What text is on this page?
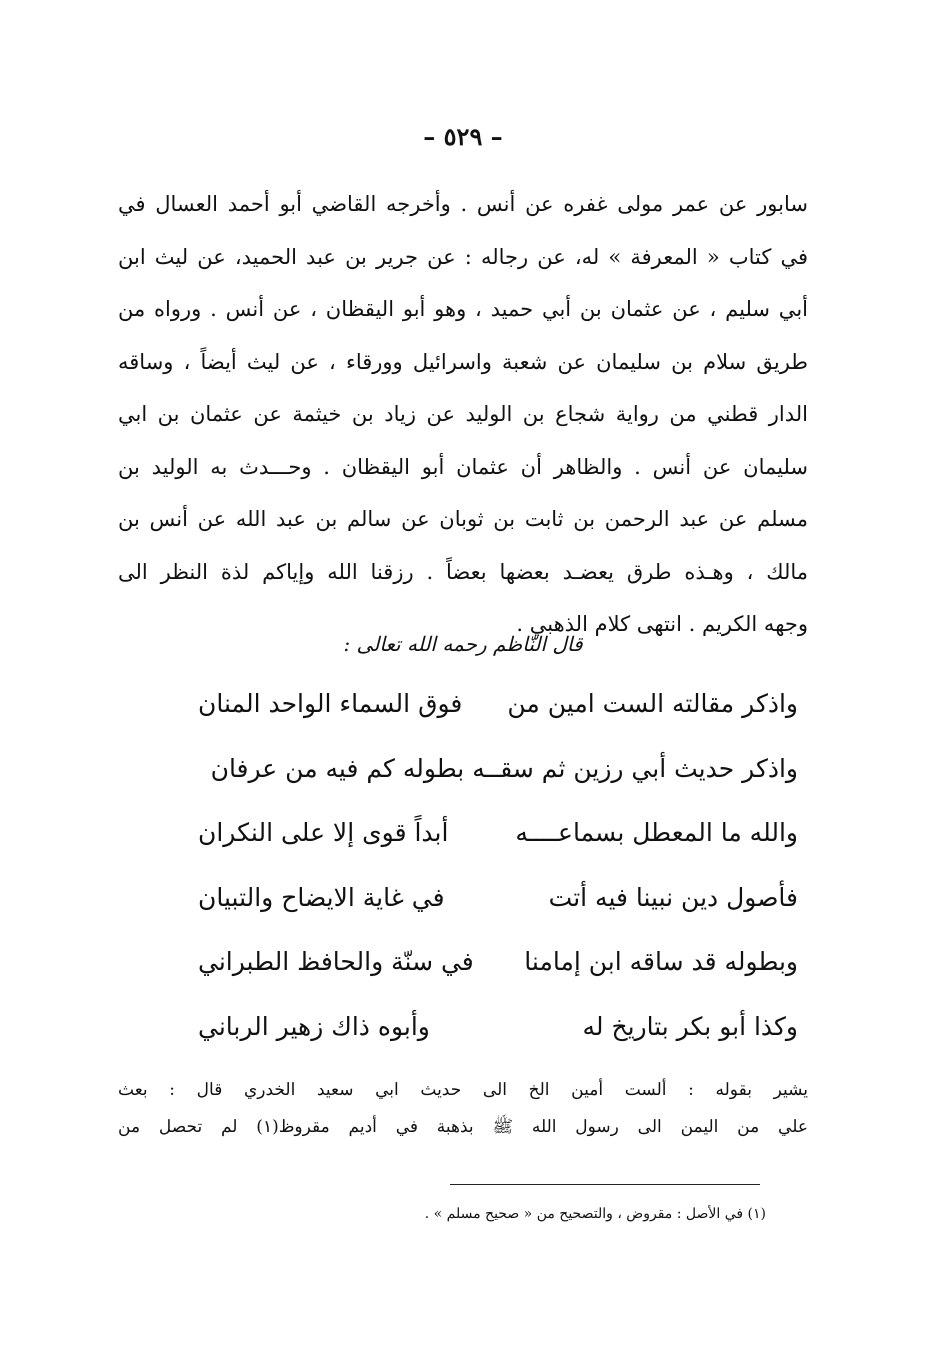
– ٥٢٩ –
سابور عن عمر مولى غفره عن أنس . وأخرجه القاضي أبو أحمد العسال في
في كتاب « المعرفة » له، عن رجاله : عن جرير بن عبد الحميد، عن ليث ابن
أبي سليم ، عن عثمان بن أبي حميد ، وهو أبو اليقظان ، عن أنس . ورواه من
طريق سلام بن سليمان عن شعبة واسرائيل وورقاء ، عن ليث أيضاً ، وساقه
الدار قطني من رواية شجاع بن الوليد عن زياد بن خيثمة عن عثمان بن ابي
سليمان عن أنس . والظاهر أن عثمان أبو اليقظان . وحـــدث به الوليد بن
مسلم عن عبد الرحمن بن ثابت بن ثوبان عن سالم بن عبد الله عن أنس بن
مالك ، وهـذه طرق يعضـد بعضها بعضاً . رزقنا الله وإياكم لذة النظر الى
وجهه الكريم . انتهى كلام الذهبي .
قال النّاظم رحمه الله تعالى :
واذكر مقالته الست امين من
فوق السماء الواحد المنان
واذكر حديث أبي رزين ثم سقــه بطوله كم فيه من عرفان
والله ما المعطل بسماعــــه
أبداً قوى إلا على النكران
فأصول دين نبينا فيه أتت
في غاية الايضاح والتبيان
وبطوله قد ساقه ابن إمامنا
في سنّة والحافظ الطبراني
وكذا أبو بكر بتاريخ له
وأبوه ذاك زهير الرباني
يشير بقوله : ألست أمين الخ الى حديث ابي سعيد الخدري قال : بعث
علي من اليمن الى رسول الله ﷺ بذهبة في أديم مقروظ(١) لم تحصل من
(١) في الأصل : مقروض ، والتصحيح من « صحيح مسلم » .
